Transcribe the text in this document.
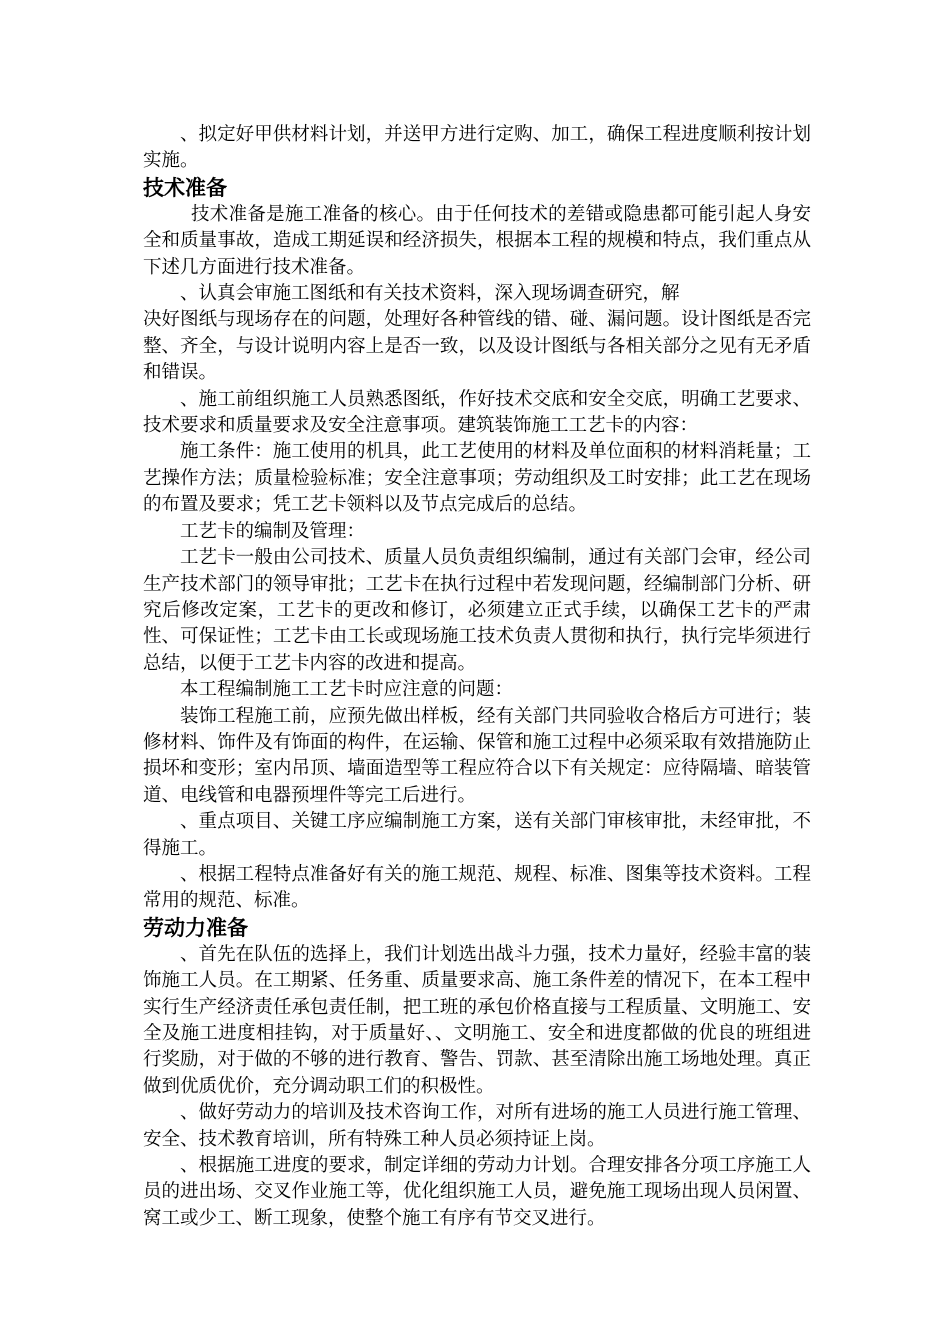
、拟定好甲供材料计划，并送甲方进行定购、加工，确保工程进度顺利按计划实施。

技术准备

技术准备是施工准备的核心。由于任何技术的差错或隐患都可能引起人身安全和质量事故，造成工期延误和经济损失，根据本工程的规模和特点，我们重点从下述几方面进行技术准备。

、认真会审施工图纸和有关技术资料，深入现场调查研究，解

决好图纸与现场存在的问题，处理好各种管线的错、碰、漏问题。设计图纸是否完整、齐全，与设计说明内容上是否一致，以及设计图纸与各相关部分之见有无矛盾和错误。

、施工前组织施工人员熟悉图纸，作好技术交底和安全交底，明确工艺要求、技术要求和质量要求及安全注意事项。建筑装饰施工工艺卡的内容：

施工条件：施工使用的机具，此工艺使用的材料及单位面积的材料消耗量；工艺操作方法；质量检验标准；安全注意事项；劳动组织及工时安排；此工艺在现场的布置及要求；凭工艺卡领料以及节点完成后的总结。

工艺卡的编制及管理：

工艺卡一般由公司技术、质量人员负责组织编制，通过有关部门会审，经公司生产技术部门的领导审批；工艺卡在执行过程中若发现问题，经编制部门分析、研究后修改定案，工艺卡的更改和修订，必须建立正式手续，以确保工艺卡的严肃性、可保证性；工艺卡由工长或现场施工技术负责人贯彻和执行，执行完毕须进行总结，以便于工艺卡内容的改进和提高。

本工程编制施工工艺卡时应注意的问题：

装饰工程施工前，应预先做出样板，经有关部门共同验收合格后方可进行；装修材料、饰件及有饰面的构件，在运输、保管和施工过程中必须采取有效措施防止损坏和变形；室内吊顶、墙面造型等工程应符合以下有关规定：应待隔墙、暗装管道、电线管和电器预埋件等完工后进行。

、重点项目、关键工序应编制施工方案，送有关部门审核审批，未经审批，不得施工。

、根据工程特点准备好有关的施工规范、规程、标准、图集等技术资料。工程常用的规范、标准。

劳动力准备

、首先在队伍的选择上，我们计划选出战斗力强，技术力量好，经验丰富的装饰施工人员。在工期紧、任务重、质量要求高、施工条件差的情况下，在本工程中实行生产经济责任承包责任制，把工班的承包价格直接与工程质量、文明施工、安全及施工进度相挂钩，对于质量好、、文明施工、安全和进度都做的优良的班组进行奖励，对于做的不够的进行教育、警告、罚款、甚至清除出施工场地处理。真正做到优质优价，充分调动职工们的积极性。

、做好劳动力的培训及技术咨询工作，对所有进场的施工人员进行施工管理、安全、技术教育培训，所有特殊工种人员必须持证上岗。

、根据施工进度的要求，制定详细的劳动力计划。合理安排各分项工序施工人员的进出场、交叉作业施工等，优化组织施工人员，避免施工现场出现人员闲置、窝工或少工、断工现象，使整个施工有序有节交叉进行。
